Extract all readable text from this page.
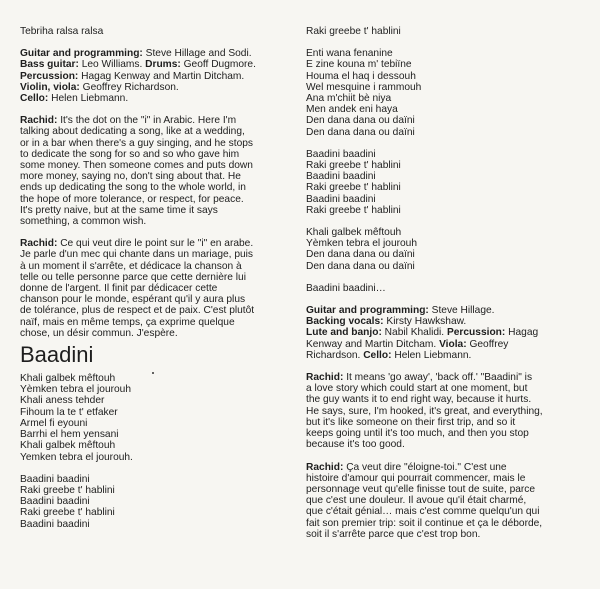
Tebriha ralsa ralsa
Guitar and programming: Steve Hillage and Sodi.
Bass guitar: Leo Williams. Drums: Geoff Dugmore.
Percussion: Hagag Kenway and Martin Ditcham.
Violin, viola: Geoffrey Richardson.
Cello: Helen Liebmann.
Rachid: It's the dot on the "i" in Arabic. Here I'm
talking about dedicating a song, like at a wedding,
or in a bar when there's a guy singing, and he stops
to dedicate the song for so and so who gave him
some money. Then someone comes and puts down
more money, saying no, don't sing about that. He
ends up dedicating the song to the whole world, in
the hope of more tolerance, or respect, for peace.
It's pretty naive, but at the same time it says
something, a common wish.
Rachid: Ce qui veut dire le point sur le "i" en arabe.
Je parle d'un mec qui chante dans un mariage, puis
à un moment il s'arrête, et dédicace la chanson à
telle ou telle personne parce que cette dernière lui
donne de l'argent. Il finit par dédicacer cette
chanson pour le monde, espérant qu'il y aura plus
de tolérance, plus de respect et de paix. C'est plutôt
naïf, mais en même temps, ça exprime quelque
chose, un désir commun. J'espère.
Baadini
Khali galbek mêftouh
Yèmken tebra el jourouh
Khali aness tehder
Fihoum la te t' etfaker
Armel fi eyouni
Barrhi el hem yensani
Khali galbek mêftouh
Yemken tebra el jourouh.
Baadini baadini
Raki greebe t' hablini
Baadini baadini
Raki greebe t' hablini
Baadini baadini
Raki greebe t' hablini
Enti wana fenanine
E zine kouna m' tebiïne
Houma el haq i dessouh
Wel mesquine i rammouh
Ana m'chiit bè niya
Men andek eni haya
Den dana dana ou daïni
Den dana dana ou daïni
Baadini baadini
Raki greebe t' hablini
Baadini baadini
Raki greebe t' hablini
Baadini baadini
Raki greebe t' hablini
Khali galbek mêftouh
Yèmken tebra el jourouh
Den dana dana ou daïni
Den dana dana ou daïni
Baadini baadini…
Guitar and programming: Steve Hillage.
Backing vocals: Kirsty Hawkshaw.
Lute and banjo: Nabil Khalidi. Percussion: Hagag
Kenway and Martin Ditcham. Viola: Geoffrey
Richardson. Cello: Helen Liebmann.
Rachid: It means 'go away', 'back off.' "Baadini" is
a love story which could start at one moment, but
the guy wants it to end right way, because it hurts.
He says, sure, I'm hooked, it's great, and everything,
but it's like someone on their first trip, and so it
keeps going until it's too much, and then you stop
because it's too good.
Rachid: Ça veut dire "éloigne-toi." C'est une
histoire d'amour qui pourrait commencer, mais le
personnage veut qu'elle finisse tout de suite, parce
que c'est une douleur. Il avoue qu'il était charmé,
que c'était génial… mais c'est comme quelqu'un qui
fait son premier trip: soit il continue et ça le déborde,
soit il s'arrête parce que c'est trop bon.
